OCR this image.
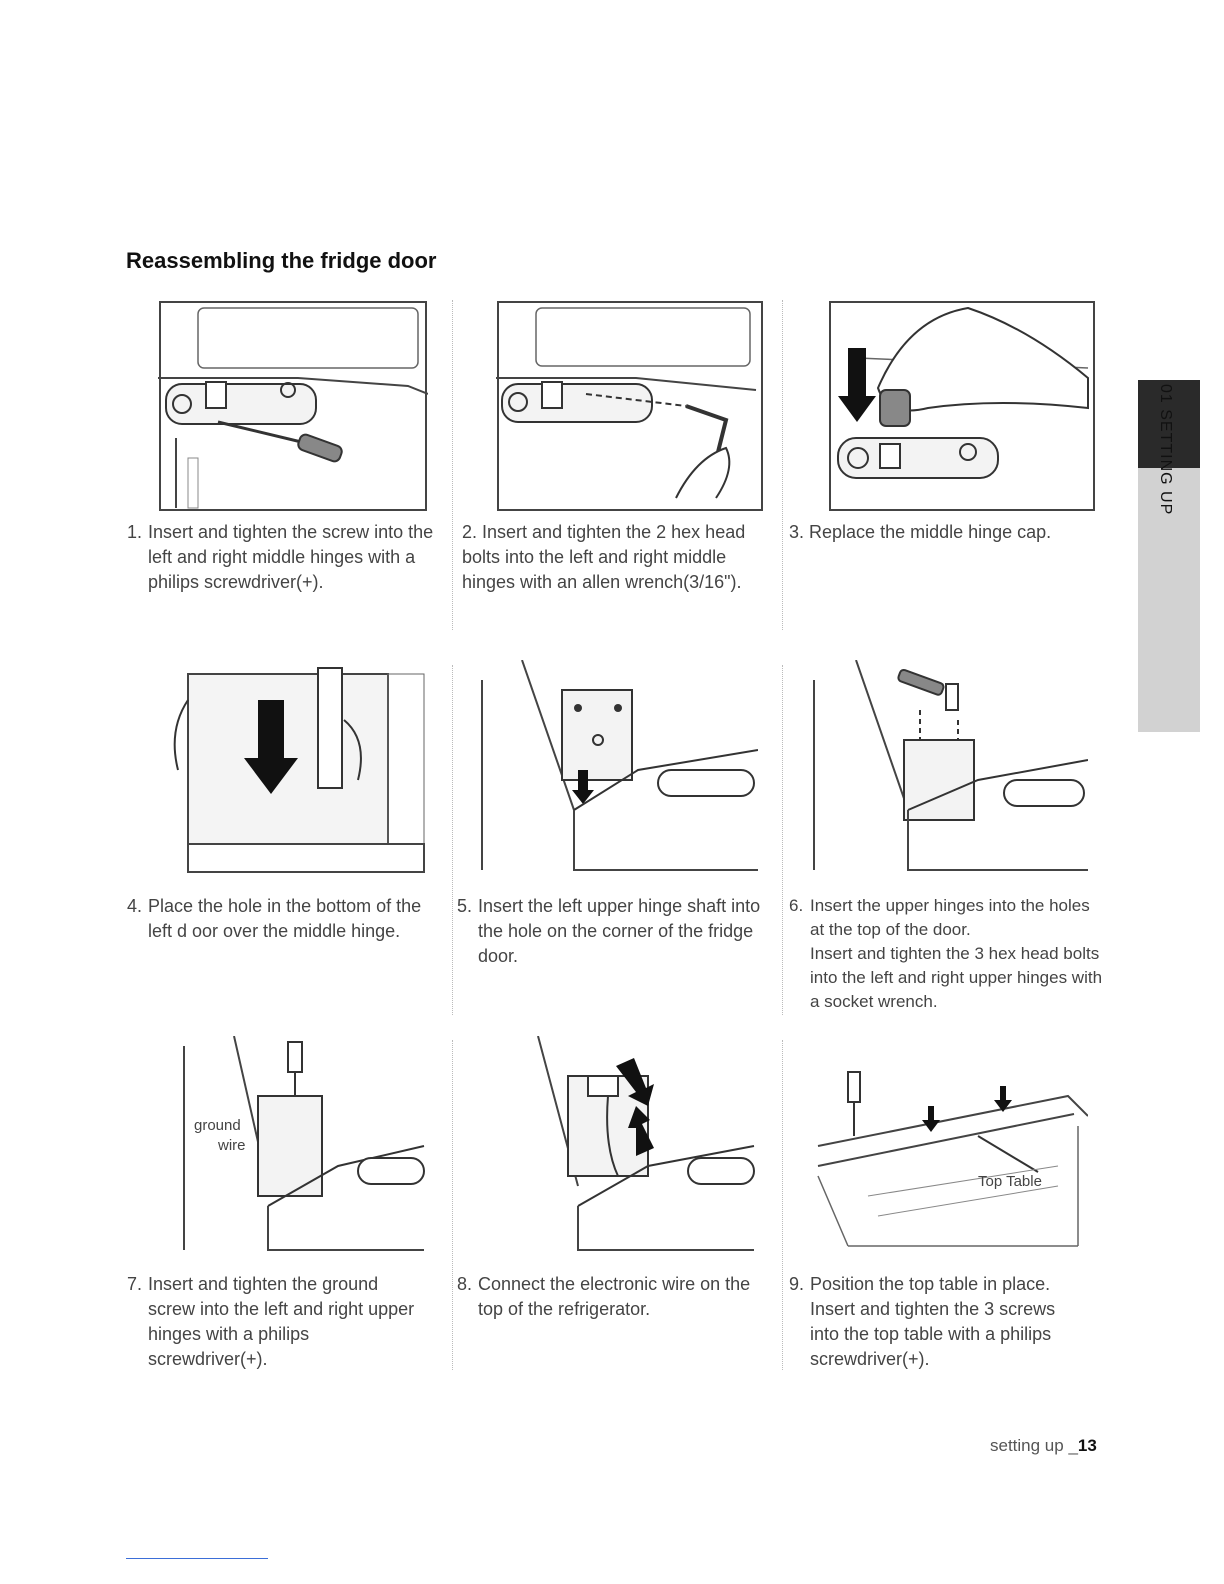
Reassembling the fridge door
01 SETTING UP
ground
wire
Top Table
1. Insert and tighten the screw into the left and right middle hinges with a philips screwdriver(+).
2. Insert and tighten the 2 hex head bolts into the left and right middle hinges with an allen wrench(3/16").
3. Replace the middle hinge cap.
4. Place the hole in the bottom of the left d oor over the middle hinge.
5. Insert the left upper hinge shaft into the hole on the corner of the fridge door.
6. Insert the upper hinges into the holes at the top of the door.
Insert and tighten the 3 hex head bolts into the left and right upper hinges with a socket wrench.
7. Insert and tighten the ground screw into the left and right upper hinges with a philips screwdriver(+).
8. Connect the electronic wire on the top of the refrigerator.
9. Position the top table in place. Insert and tighten the 3 screws into the top table with a philips screwdriver(+).
setting up _13
